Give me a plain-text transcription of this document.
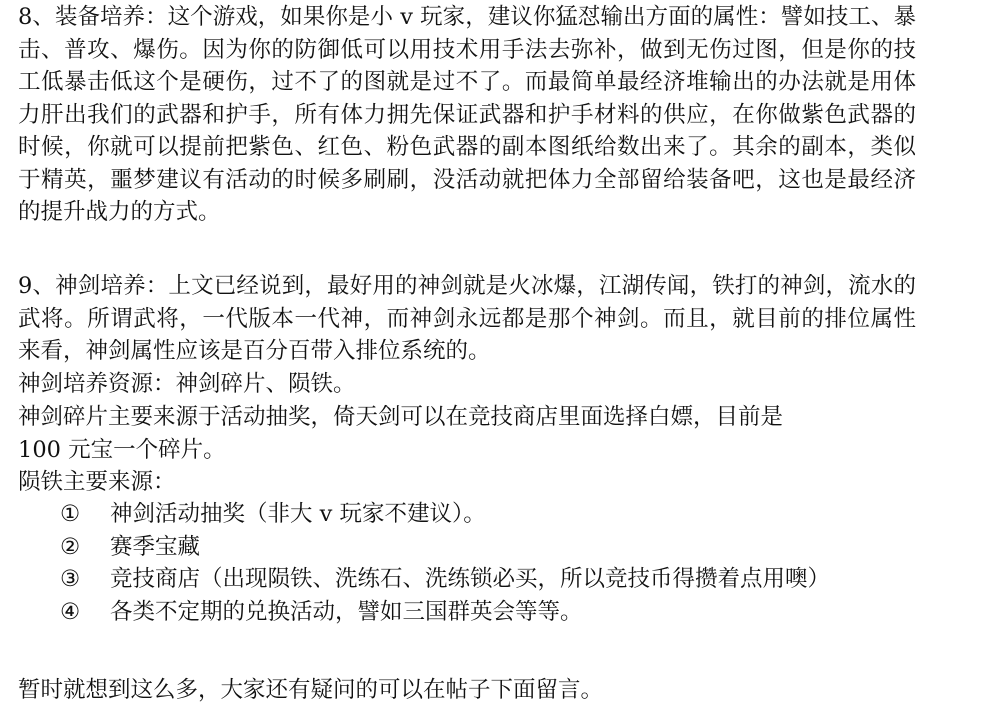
8、装备培养：这个游戏，如果你是小 v 玩家，建议你猛怼输出方面的属性：譬如技工、暴击、普攻、爆伤。因为你的防御低可以用技术用手法去弥补，做到无伤过图，但是你的技工低暴击低这个是硬伤，过不了的图就是过不了。而最简单最经济堆输出的办法就是用体力肝出我们的武器和护手，所有体力拥先保证武器和护手材料的供应，在你做紫色武器的时候，你就可以提前把紫色、红色、粉色武器的副本图纸给数出来了。其余的副本，类似于精英，噩梦建议有活动的时候多刷刷，没活动就把体力全部留给装备吧，这也是最经济的提升战力的方式。

9、神剑培养：上文已经说到，最好用的神剑就是火冰爆，江湖传闻，铁打的神剑，流水的武将。所谓武将，一代版本一代神，而神剑永远都是那个神剑。而且，就目前的排位属性来看，神剑属性应该是百分百带入排位系统的。

神剑培养资源：神剑碎片、陨铁。
神剑碎片主要来源于活动抽奖，倚天剑可以在竞技商店里面选择白嫖，目前是
100 元宝一个碎片。
陨铁主要来源：
① 神剑活动抽奖（非大 v 玩家不建议）。
② 赛季宝藏
③ 竞技商店（出现陨铁、洗练石、洗练锁必买，所以竞技币得攒着点用噢）
④ 各类不定期的兑换活动，譬如三国群英会等等。
暂时就想到这么多，大家还有疑问的可以在帖子下面留言。
